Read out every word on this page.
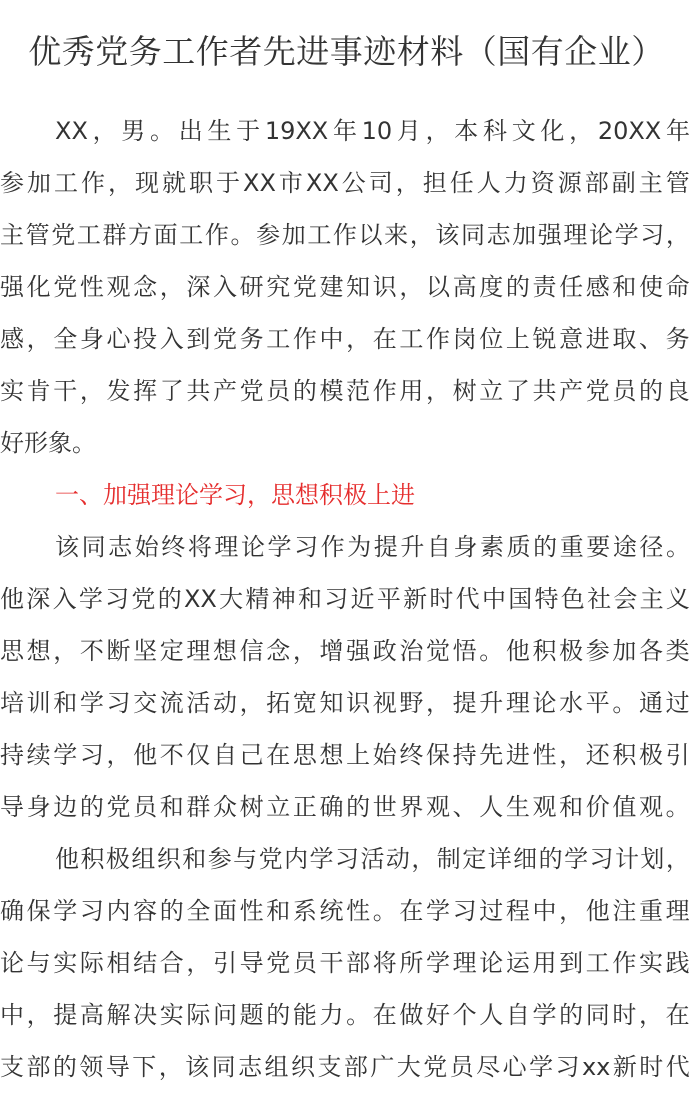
优秀党务工作者先进事迹材料（国有企业）
XX ， 男 。 出 生 于 19XX 年 10 月 ， 本 科 文 化 ， 20XX 年
参 加 工 作 ， 现 就 职 于 XX 市 XX 公 司 ， 担 任 人 力 资 源 部 副 主 管
主 管 党 工 群 方 面 工 作 。 参 加 工 作 以 来 ， 该 同 志 加 强 理 论 学 习 ，
强 化 党 性 观 念 ， 深 入 研 究 党 建 知 识 ， 以 高 度 的 责 任 感 和 使 命
感 ， 全 身 心 投 入 到 党 务 工 作 中 ， 在 工 作 岗 位 上 锐 意 进 取 、 务
实 肯 干 ， 发 挥 了 共 产 党 员 的 模 范 作 用 ， 树 立 了 共 产 党 员 的 良
好形象。
一、加强理论学习，思想积极上进
该 同 志 始 终 将 理 论 学 习 作 为 提 升 自 身 素 质 的 重 要 途 径 。
他 深 入 学 习 党 的 XX 大 精 神 和 习 近 平 新 时 代 中 国 特 色 社 会 主 义
思 想 ， 不 断 坚 定 理 想 信 念 ， 增 强 政 治 觉 悟 。 他 积 极 参 加 各 类
培 训 和 学 习 交 流 活 动 ， 拓 宽 知 识 视 野 ， 提 升 理 论 水 平 。 通 过
持 续 学 习 ， 他 不 仅 自 己 在 思 想 上 始 终 保 持 先 进 性 ， 还 积 极 引
导 身 边 的 党 员 和 群 众 树 立 正 确 的 世 界 观 、 人 生 观 和 价 值 观 。
他 积 极 组 织 和 参 与 党 内 学 习 活 动 ， 制 定 详 细 的 学 习 计 划 ，
确 保 学 习 内 容 的 全 面 性 和 系 统 性 。 在 学 习 过 程 中 ， 他 注 重 理
论 与 实 际 相 结 合 ， 引 导 党 员 干 部 将 所 学 理 论 运 用 到 工 作 实 践
中 ， 提 高 解 决 实 际 问 题 的 能 力 。 在 做 好 个 人 自 学 的 同 时 ， 在
支 部 的 领 导 下 ， 该 同 志 组 织 支 部 广 大 党 员 尽 心 学 习 xx 新 时 代
